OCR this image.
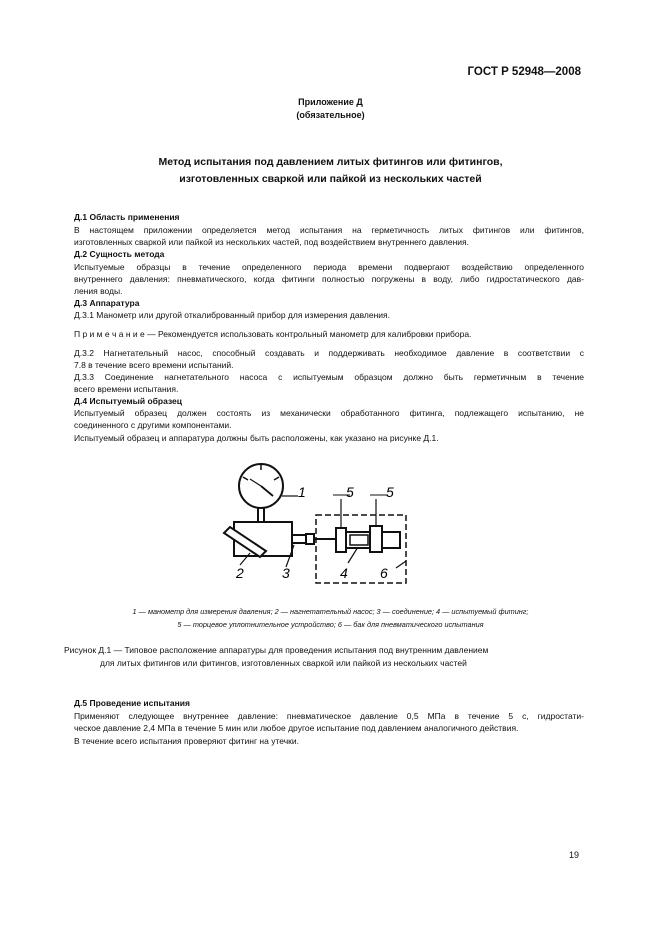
ГОСТ Р 52948—2008
Приложение Д
(обязательное)
Метод испытания под давлением литых фитингов или фитингов,
изготовленных сваркой или пайкой из нескольких частей
Д.1 Область применения
В настоящем приложении определяется метод испытания на герметичность литых фитингов или фитингов,
изготовленных сваркой или пайкой из нескольких частей, под воздействием внутреннего давления.
Д.2 Сущность метода
Испытуемые образцы в течение определенного периода времени подвергают воздействию определенного
внутреннего давления: пневматического, когда фитинги полностью погружены в воду, либо гидростатического дав-
ления воды.
Д.3 Аппаратура
Д.3.1 Манометр или другой откалиброванный прибор для измерения давления.
П р и м е ч а н и е — Рекомендуется использовать контрольный манометр для калибровки прибора.
Д.3.2 Нагнетательный насос, способный создавать и поддерживать необходимое давление в соответствии с
7.8 в течение всего времени испытаний.
Д.3.3 Соединение нагнетательного насоса с испытуемым образцом должно быть герметичным в течение
всего времени испытания.
Д.4 Испытуемый образец
Испытуемый образец должен состоять из механически обработанного фитинга, подлежащего испытанию, не
соединенного с другими компонентами.
Испытуемый образец и аппаратура должны быть расположены, как указано на рисунке Д.1.
1
2	3	4
5 5
6
1 — манометр для измерения давления; 2 — нагнетательный насос; 3 — соединение; 4 — испытуемый фитинг;
5 — торцевое уплотнительное устройство; 6 — бак для пневматического испытания
Рисунок Д.1 — Типовое расположение аппаратуры для проведения испытания под внутренним давлением
для литых фитингов или фитингов, изготовленных сваркой или пайкой из нескольких частей
Д.5 Проведение испытания
Применяют следующее внутреннее давление: пневматическое давление 0,5 МПа в течение 5 с, гидростати-
ческое давление 2,4 МПа в течение 5 мин или любое другое испытание под давлением аналогичного действия.
В течение всего испытания проверяют фитинг на утечки.
19
